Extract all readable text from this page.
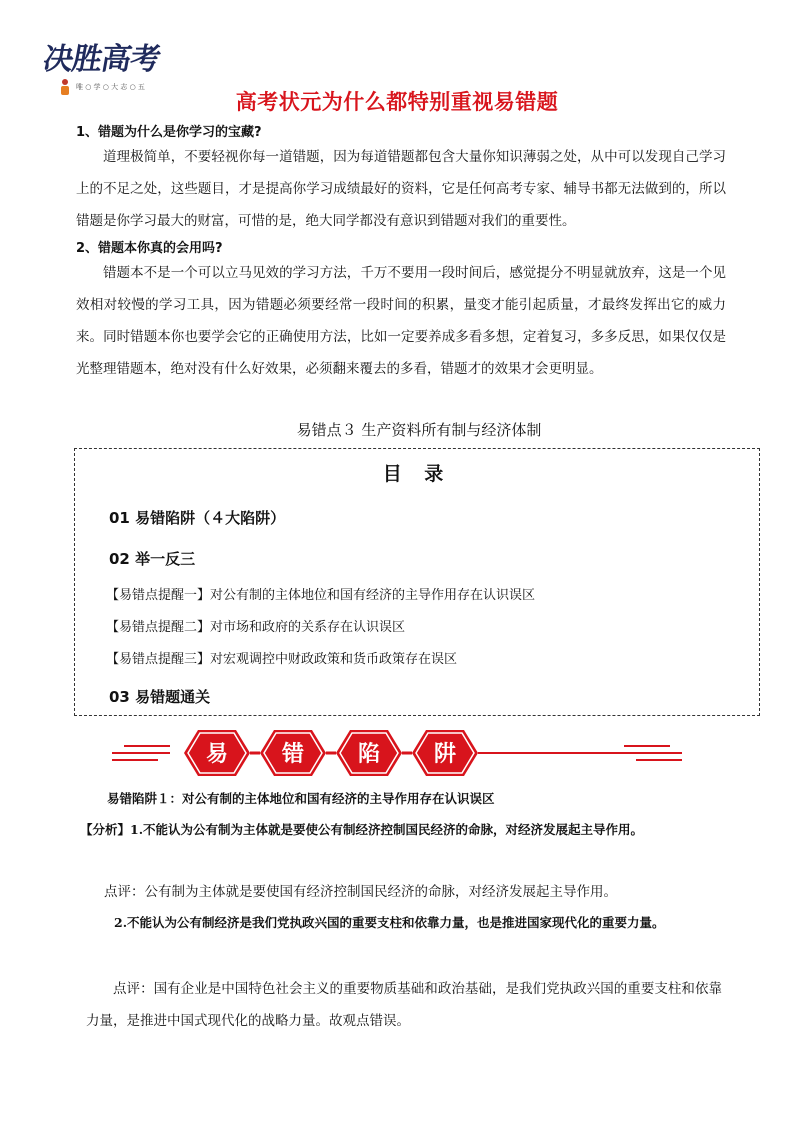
决胜高考
唯 ○ 学 ○ 大 志 ○ 五
高考状元为什么都特别重视易错题
1、错题为什么是你学习的宝藏?
道理极简单，不要轻视你每一道错题，因为每道错题都包含大量你知识薄弱之处，从中可以发现自己学习上的不足之处，这些题目，才是提高你学习成绩最好的资料，它是任何高考专家、辅导书都无法做到的，所以错题是你学习最大的财富，可惜的是，绝大同学都没有意识到错题对我们的重要性。
2、错题本你真的会用吗?
错题本不是一个可以立马见效的学习方法，千万不要用一段时间后，感觉提分不明显就放弃，这是一个见效相对较慢的学习工具，因为错题必须要经常一段时间的积累，量变才能引起质量，才最终发挥出它的威力来。同时错题本你也要学会它的正确使用方法，比如一定要养成多看多想，定着复习，多多反思，如果仅仅是光整理错题本，绝对没有什么好效果，必须翻来覆去的多看，错题才的效果才会更明显。
易错点３ 生产资料所有制与经济体制
目 录
01 易错陷阱（４大陷阱）
02 举一反三
【易错点提醒一】对公有制的主体地位和国有经济的主导作用存在认识误区
【易错点提醒二】对市场和政府的关系存在认识误区
【易错点提醒三】对宏观调控中财政政策和货币政策存在误区
03 易错题通关
易 错 陷 阱
易错陷阱１：对公有制的主体地位和国有经济的主导作用存在认识误区
【分析】1.不能认为公有制为主体就是要使公有制经济控制国民经济的命脉，对经济发展起主导作用。
点评：公有制为主体就是要使国有经济控制国民经济的命脉，对经济发展起主导作用。
2.不能认为公有制经济是我们党执政兴国的重要支柱和依靠力量，也是推进国家现代化的重要力量。
点评：国有企业是中国特色社会主义的重要物质基础和政治基础，是我们党执政兴国的重要支柱和依靠力量，是推进中国式现代化的战略力量。故观点错误。
